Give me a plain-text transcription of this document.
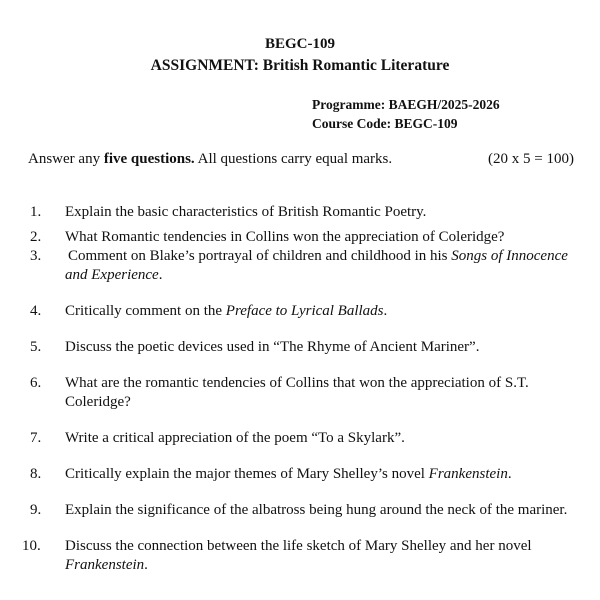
BEGC-109
ASSIGNMENT: British Romantic Literature
Programme: BAEGH/2025-2026
Course Code: BEGC-109
Answer any five questions. All questions carry equal marks.	(20 x 5 = 100)
1. Explain the basic characteristics of British Romantic Poetry.
2. What Romantic tendencies in Collins won the appreciation of Coleridge?
3. Comment on Blake’s portrayal of children and childhood in his Songs of Innocence and Experience.
4. Critically comment on the Preface to Lyrical Ballads.
5. Discuss the poetic devices used in “The Rhyme of Ancient Mariner”.
6. What are the romantic tendencies of Collins that won the appreciation of S.T. Coleridge?
7. Write a critical appreciation of the poem “To a Skylark”.
8. Critically explain the major themes of Mary Shelley’s novel Frankenstein.
9. Explain the significance of the albatross being hung around the neck of the mariner.
10. Discuss the connection between the life sketch of Mary Shelley and her novel Frankenstein.
